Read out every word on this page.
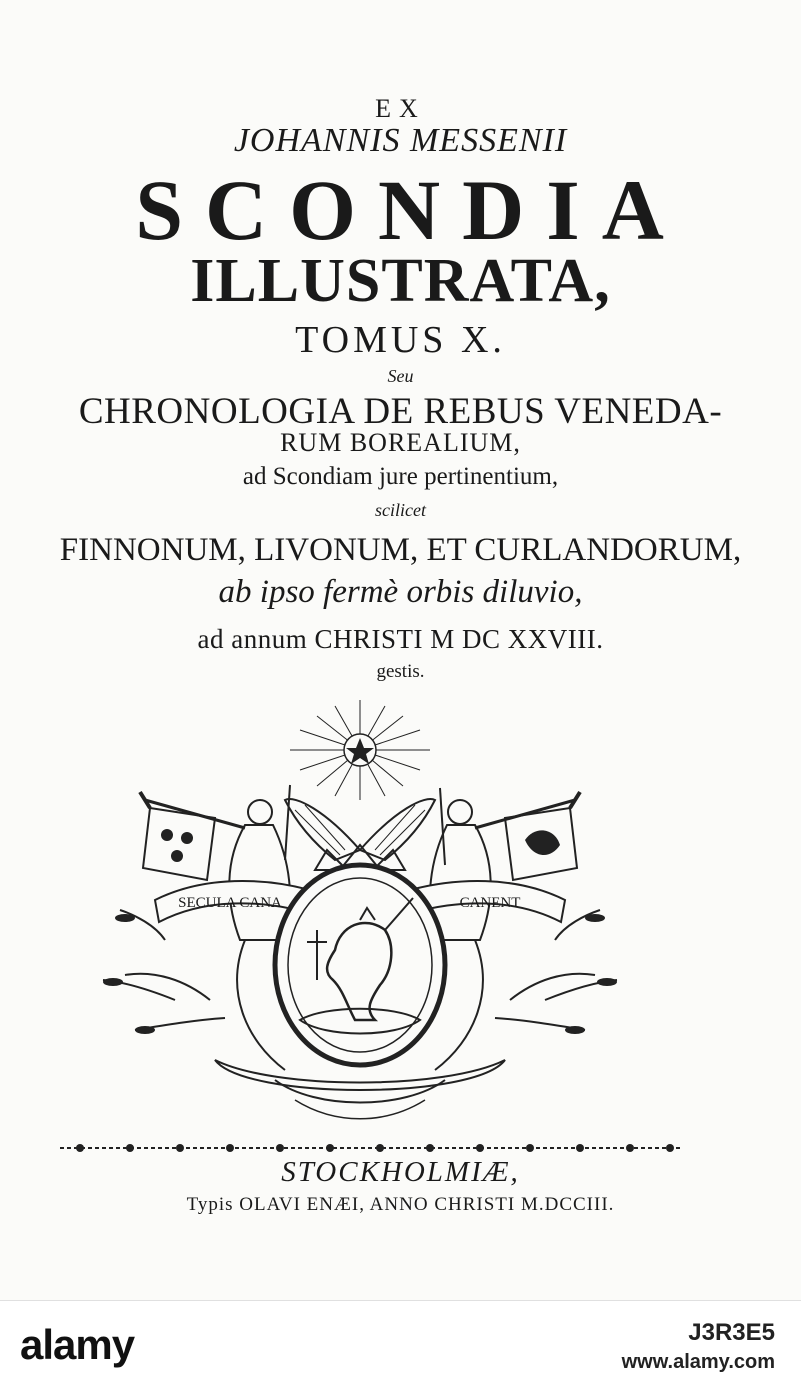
EX
JOHANNIS MESSENII
SCONDIA
ILLUSTRATA,
TOMUS X.
Seu
CHRONOLOGIA DE REBUS VENEDA-
RUM BOREALIUM,
ad Scondiam jure pertinentium,
scilicet
FINNONUM, LIVONUM, ET CURLANDORUM,
ab ipso fermè orbis diluvio,
ad annum CHRISTI M DC XXVIII.
gestis.
SECULA CANA	CANENT
STOCKHOLMIÆ,
Typis OLAVI ENÆI, ANNO CHRISTI M.DCCIII.
alamy	J3R3E5
www.alamy.com
